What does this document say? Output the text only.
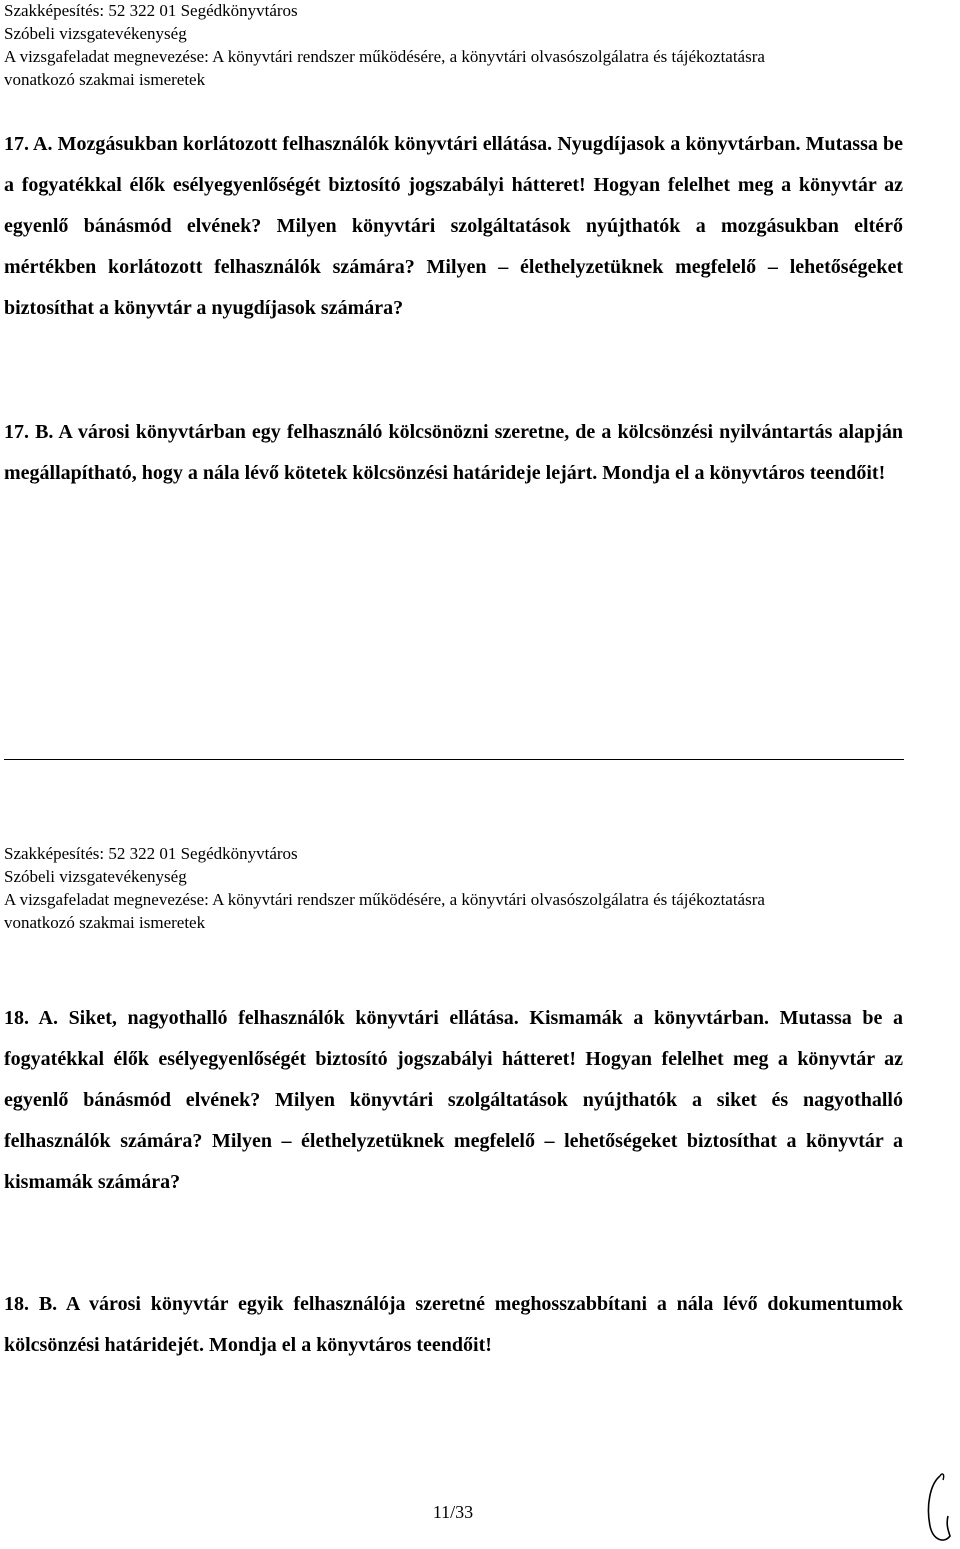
Szakképesítés: 52 322 01 Segédkönyvtáros
Szóbeli vizsgatevékenység
A vizsgafeladat megnevezése: A könyvtári rendszer működésére, a könyvtári olvasószolgálatra és tájékoztatásra
vonatkozó szakmai ismeretek

17. A. Mozgásukban korlátozott felhasználók könyvtári ellátása. Nyugdíjasok a könyvtárban. Mutassa be a fogyatékkal élők esélyegyenlőségét biztosító jogszabályi hátteret! Hogyan felelhet meg a könyvtár az egyenlő bánásmód elvének? Milyen könyvtári szolgáltatások nyújthatók a mozgásukban eltérő mértékben korlátozott felhasználók számára? Milyen – élethelyzetüknek megfelelő – lehetőségeket biztosíthat a könyvtár a nyugdíjasok számára?

17. B. A városi könyvtárban egy felhasználó kölcsönözni szeretne, de a kölcsönzési nyilvántartás alapján megállapítható, hogy a nála lévő kötetek kölcsönzési határideje lejárt. Mondja el a könyvtáros teendőit!

Szakképesítés: 52 322 01 Segédkönyvtáros
Szóbeli vizsgatevékenység
A vizsgafeladat megnevezése: A könyvtári rendszer működésére, a könyvtári olvasószolgálatra és tájékoztatásra
vonatkozó szakmai ismeretek

18. A. Siket, nagyothalló felhasználók könyvtári ellátása. Kismamák a könyvtárban. Mutassa be a fogyatékkal élők esélyegyenlőségét biztosító jogszabályi hátteret! Hogyan felelhet meg a könyvtár az egyenlő bánásmód elvének? Milyen könyvtári szolgáltatások nyújthatók a siket és nagyothalló felhasználók számára? Milyen – élethelyzetüknek megfelelő – lehetőségeket biztosíthat a könyvtár a kismamák számára?

18. B. A városi könyvtár egyik felhasználója szeretné meghosszabbítani a nála lévő dokumentumok kölcsönzési határidejét. Mondja el a könyvtáros teendőit!

11/33
